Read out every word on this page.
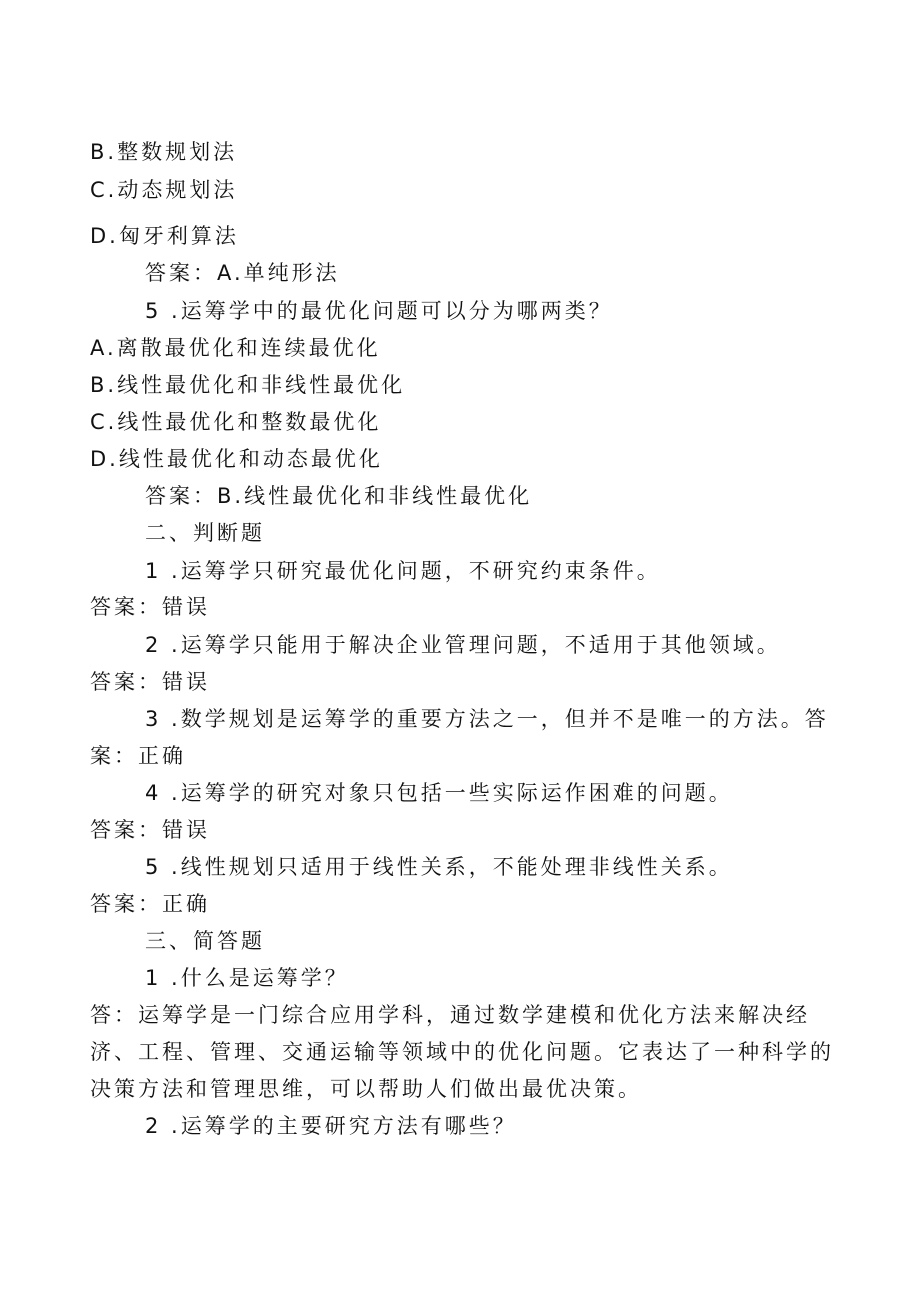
B.整数规划法
C.动态规划法
D.匈牙利算法
答案：A.单纯形法
5 .运筹学中的最优化问题可以分为哪两类？
A.离散最优化和连续最优化
B.线性最优化和非线性最优化
C.线性最优化和整数最优化
D.线性最优化和动态最优化
答案：B.线性最优化和非线性最优化
二、判断题
1 .运筹学只研究最优化问题，不研究约束条件。
答案：错误
2 .运筹学只能用于解决企业管理问题，不适用于其他领域。
答案：错误
3 .数学规划是运筹学的重要方法之一，但并不是唯一的方法。答
案：正确
4 .运筹学的研究对象只包括一些实际运作困难的问题。
答案：错误
5 .线性规划只适用于线性关系，不能处理非线性关系。
答案：正确
三、简答题
1 .什么是运筹学？
答：运筹学是一门综合应用学科，通过数学建模和优化方法来解决经
济、工程、管理、交通运输等领域中的优化问题。它表达了一种科学的
决策方法和管理思维，可以帮助人们做出最优决策。
2 .运筹学的主要研究方法有哪些？
